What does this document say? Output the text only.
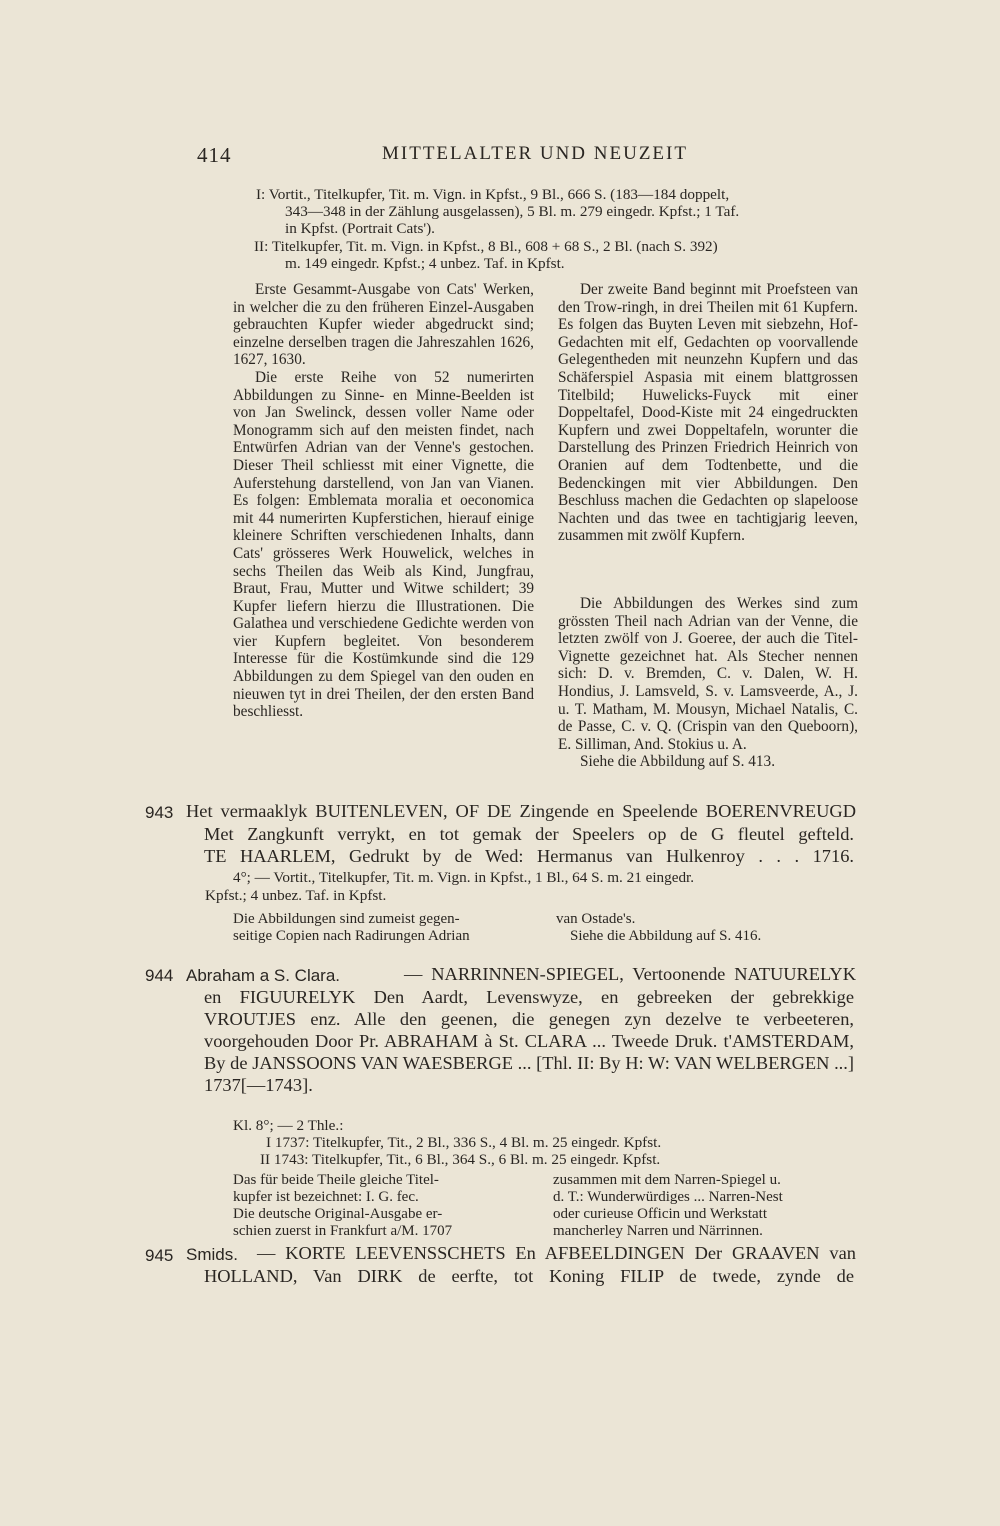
414	MITTELALTER UND NEUZEIT
I: Vortit., Titelkupfer, Tit. m. Vign. in Kpfst., 9 Bl., 666 S. (183—184 doppelt,
343—348 in der Zählung ausgelassen), 5 Bl. m. 279 eingedr. Kpfst.; 1 Taf.
in Kpfst. (Portrait Cats').
II: Titelkupfer, Tit. m. Vign. in Kpfst., 8 Bl., 608 + 68 S., 2 Bl. (nach S. 392)
m. 149 eingedr. Kpfst.; 4 unbez. Taf. in Kpfst.

Erste Gesammt-Ausgabe von Cats' Werken, in welcher die zu den früheren Einzel-Ausgaben gebrauchten Kupfer wieder abgedruckt sind; einzelne derselben tragen die Jahreszahlen 1626, 1627, 1630.

Die erste Reihe von 52 numerirten Abbildungen zu Sinne- en Minne-Beelden ist von Jan Swelinck, dessen voller Name oder Monogramm sich auf den meisten findet, nach Entwürfen Adrian van der Venne's gestochen. Dieser Theil schliesst mit einer Vignette, die Auferstehung darstellend, von Jan van Vianen. Es folgen: Emblemata moralia et oeconomica mit 44 numerirten Kupferstichen, hierauf einige kleinere Schriften verschiedenen Inhalts, dann Cats' grösseres Werk Houwelick, welches in sechs Theilen das Weib als Kind, Jungfrau, Braut, Frau, Mutter und Witwe schildert; 39 Kupfer liefern hierzu die Illustrationen. Die Galathea und verschiedene Gedichte werden von vier Kupfern begleitet. Von besonderem Interesse für die Kostümkunde sind die 129 Abbildungen zu dem Spiegel van den ouden en nieuwen tyt in drei Theilen, der den ersten Band beschliesst.

Der zweite Band beginnt mit Proefsteen van den Trow-ringh, in drei Theilen mit 61 Kupfern. Es folgen das Buyten Leven mit siebzehn, Hof-Gedachten mit elf, Gedachten op voorvallende Gelegentheden mit neunzehn Kupfern und das Schäferspiel Aspasia mit einem blattgrossen Titelbild; Huwelicks-Fuyck mit einer Doppeltafel, Dood-Kiste mit 24 eingedruckten Kupfern und zwei Doppeltafeln, worunter die Darstellung des Prinzen Friedrich Heinrich von Oranien auf dem Todtenbette, und die Bedenckingen mit vier Abbildungen. Den Beschluss machen die Gedachten op slapeloose Nachten und das twee en tachtigjarig leeven, zusammen mit zwölf Kupfern.

Die Abbildungen des Werkes sind zum grössten Theil nach Adrian van der Venne, die letzten zwölf von J. Goeree, der auch die Titel-Vignette gezeichnet hat. Als Stecher nennen sich: D. v. Bremden, C. v. Dalen, W. H. Hondius, J. Lamsveld, S. v. Lamsveerde, A., J. u. T. Matham, M. Mousyn, Michael Natalis, C. de Passe, C. v. Q. (Crispin van den Queboorn), E. Silliman, And. Stokius u. A.

Siehe die Abbildung auf S. 413.

943 Het vermaaklyk BUITENLEVEN, OF DE Zingende en Speelende BOERENVREUGD
Met Zangkunft verrykt, en tot gemak der Speelers op de G fleutel gefteld.
TE HAARLEM, Gedrukt by de Wed: Hermanus van Hulkenroy . . . 1716.
4°; — Vortit., Titelkupfer, Tit. m. Vign. in Kpfst., 1 Bl., 64 S. m. 21 eingedr.
Kpfst.; 4 unbez. Taf. in Kpfst.
Die Abbildungen sind zumeist gegen-
seitige Copien nach Radirungen Adrian
van Ostade's.
Siehe die Abbildung auf S. 416.
944 Abraham a S. Clara.	— NARRINNEN-SPIEGEL, Vertoonende NATUURELYK
en FIGUURELYK Den Aardt, Levenswyze, en gebreeken der gebrekkige
VROUTJES enz. Alle den geenen, die genegen zyn dezelve te verbeeteren,
voorgehouden Door Pr. ABRAHAM à St. CLARA ... Tweede Druk. t'AMSTERDAM,
By de JANSSOONS VAN WAESBERGE ... [Thl. II: By H: W: VAN WELBERGEN ...]
1737[—1743].
Kl. 8°; — 2 Thle.:
I 1737: Titelkupfer, Tit., 2 Bl., 336 S., 4 Bl. m. 25 eingedr. Kpfst.
II 1743: Titelkupfer, Tit., 6 Bl., 364 S., 6 Bl. m. 25 eingedr. Kpfst.
Das für beide Theile gleiche Titel-
kupfer ist bezeichnet: I. G. fec.
Die deutsche Original-Ausgabe er-
schien zuerst in Frankfurt a/M. 1707
zusammen mit dem Narren-Spiegel u.
d. T.: Wunderwürdiges ... Narren-Nest
oder curieuse Officin und Werkstatt
mancherley Narren und Närrinnen.
945 Smids. — KORTE LEEVENSSCHETS En AFBEELDINGEN Der GRAAVEN van
HOLLAND, Van DIRK de eerfte, tot Koning FILIP de twede, zynde de
